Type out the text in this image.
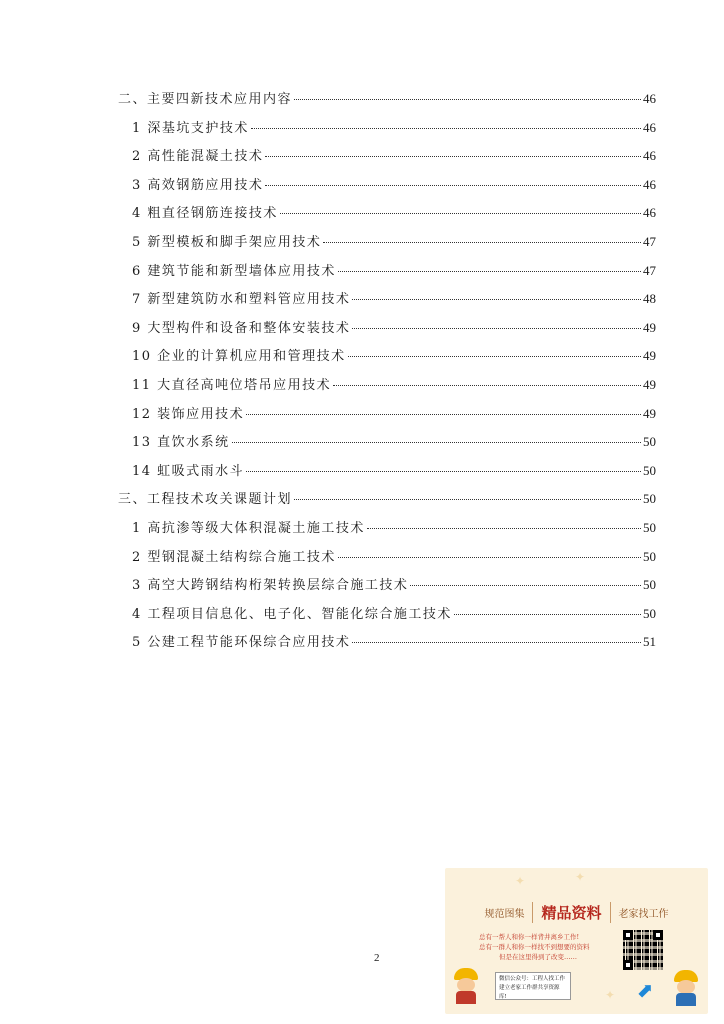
二、主要四新技术应用内容	46
1 深基坑支护技术	46
2 高性能混凝土技术	46
3 高效钢筋应用技术	46
4 粗直径钢筋连接技术	46
5 新型模板和脚手架应用技术	47
6 建筑节能和新型墙体应用技术	47
7 新型建筑防水和塑料管应用技术	48
9 大型构件和设备和整体安装技术	49
10 企业的计算机应用和管理技术	49
11 大直径高吨位塔吊应用技术	49
12 装饰应用技术	49
13 直饮水系统	50
14 虹吸式雨水斗	50
三、工程技术攻关课题计划	50
1 高抗渗等级大体积混凝土施工技术	50
2 型钢混凝土结构综合施工技术	50
3 高空大跨钢结构桁架转换层综合施工技术	50
4 工程项目信息化、电子化、智能化综合施工技术	50
5 公建工程节能环保综合应用技术	51
2
✦	✦
✦
规范图集	精品资料	老家找工作
总有一帮人和你一样背井离乡工作!
总有一群人和你一样找不到想要的资料
但是在这里得到了改变……
微信公众号：工程人找工作
建立老家工作群共享资源库!	⬈
